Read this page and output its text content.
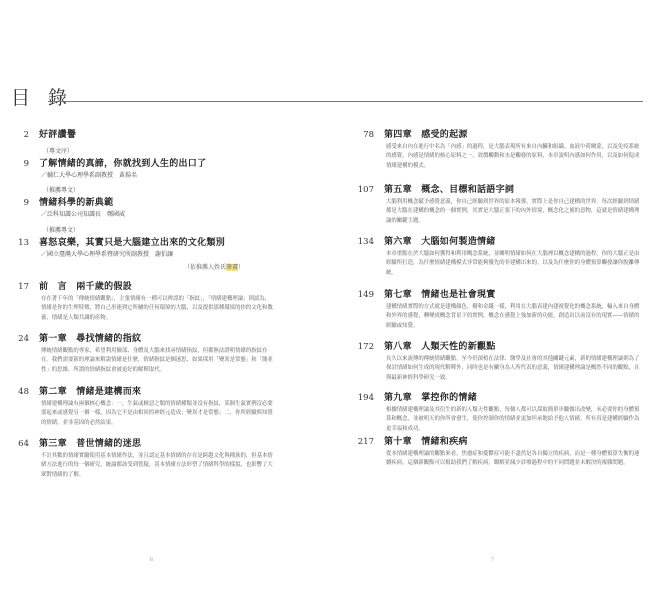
目 錄
2 好評讚譽
（專文序）
9 了解情緒的真諦，你就找到人生的出口了
／輔仁大學心理學系副教授　黃揚名
（推薦專文）
9 情緒科學的新典範
／泛科知識公司知識長　鄭國威
（推薦專文）
13 喜怒哀樂，其實只是大腦建立出來的文化類別
／國立臺灣大學心理學系暨研究所副教授　謝伯讓
（依推薦人姓氏筆畫）
17 前　言　兩千歲的假設
存在著千年的「傳統情緒觀點」，主張情緒有一種可以辨認的「指紋」，「情緒建構理論」則認為，情緒是你的生理特徵，將自己串連到它所屬的任何環境的大腦，以及提供那種環境的你的文化和教養，情緒是人類共識的產物。
24 第一章　尋找情緒的指紋
傳統情緒觀點的專家，希望利用臉部、身體及大腦來找尋情緒指紋，但都無法證明情緒的指紋存在。我們需要新的理論來解說情緒是什麼，情緒指紋是個迷思，如果採用「變異是常態」和「簡並性」的思維，所謂的情緒指紋會被更好的解釋取代。
48 第二章　情緒是建構而來
情緒建構理論有兩個核心概念：一，生氣或厭惡之類的情緒種類並沒有指紋，某個生氣實例沒必要要起來或感覺另一個一樣，因為它不是由相同的神經元造成；變異才是常態；二，你所經驗與知覺的情緒，並非基因的必然結果。
64 第三章　普世情緒的迷思
不計其數的情緒實驗使用基本情緒作法，並且認定基本情緒的存在是跨越文化與種族的，但基本情緒方法進行的每一個研究，統論都該受到質疑，基本情緒方法形塑了情緒科學的樣貌，也影響了大眾對情緒的了解。
78 第四章　感受的起源
感受來自內在進行中名為「內感」的過程，是大腦表現所有來自內臟和組織、血液中荷爾蒙，以及免疫系統的感覺。內感是情緒的核心原料之一，效價觸動和水是觸發的原料，本章說明內感如何作用，以及如何促成情緒建構的模式。
107 第五章　概念、目標和話語字詞
大腦利用概念賦予感覺意義，你自己經驗到世界的原本報導，實際上是你自己建構的世界。每次經驗到情緒都是大腦在建構的概念的一個實例，其實是大腦正要下的內外情境，概念化之後的意物，這就是情緒建構理論的關鍵主題。
134 第六章　大腦如何製造情緒
本章重點在於大腦如何獲得和利用概念系統，並闡明情緒如何在大腦裡以概念建構的過程，你的大腦正是由經驗所打造，為什麼情緒建構模式非常能夠優先的非建構出來的，以及為什麼你的身體預算觸發讓你脫離傳統。
149 第七章　情緒也是社會現實
建構情緒實際的方式就是建構顏色，樹和金錢一樣，利用在大腦表建內建視覺化的概念系統，輸入來自身體和外界的感覺，轉變成概念背景下的實例，概念在感覺上強加新的功能，創造出以前沒有的現實——情緒的經驗或知覺。
172 第八章　人類天性的新觀點
長久以來流傳的傳統情緒觀點，至今仍深植在法律、醫學及社會的其他關鍵元素，新的情緒建構理論則為了探討情緒如何生成的現代解釋外，同時也是有關身為人所代表的意義，情緒建構理論是概然不同的觀點，且與最新神經科學研究一致。
194 第九章　掌控你的情緒
根據情緒建構理論及其衍生的新的人類天性觀點，每個人都可以採取簡單步驟做出改變，未必要你的身體預算和概念，並被明天的你所會發生，使你控制你的情緒並更加坦承地給予他人情緒。所有真是建構經驗作為更幸福和成功。
217 第十章　情緒和疾病
從本情緒建構理論的觀點來看，焦慮症和憂鬱症可能不盡然是各自獨立的疾病，而是一種身體預算失衡的連續疾病，這個新觀點可以幫助我們了解疾病，瞭解並減少診療過程中的不同問題並未解決的複雜問題。
6	7
